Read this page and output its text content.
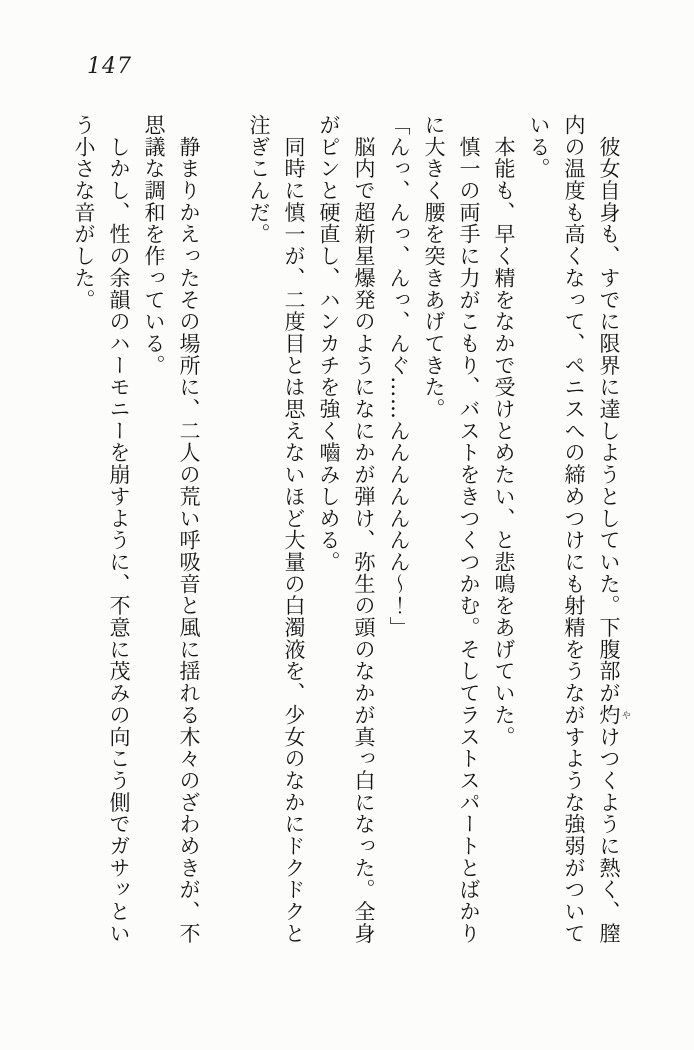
147
　彼女自身も、すでに限界に達しようとしていた。下腹部が灼 やけつくように熱く、膣
内の温度も高くなって、ペニスへの締めつけにも射精をうながすような強弱がついて
いる。
　本能も、早く精をなかで受けとめたい、と悲鳴をあげていた。
　慎一の両手に力がこもり、バストをきつくつかむ。そしてラストスパートとばかり
に大きく腰を突きあげてきた。
「んっ、んっ、んっ、んぐ……んんんんんんん〜！」
　脳内で超新星爆発のようになにかが弾け、弥生の頭のなかが真っ白になった。全身
がピンと硬直し、ハンカチを強く嚙みしめる。
　同時に慎一が、二度目とは思えないほど大量の白濁液を、少女のなかにドクドクと
注ぎこんだ。

　静まりかえったその場所に、二人の荒い呼吸音と風に揺れる木々のざわめきが、不
思議な調和を作っている。
　しかし、性の余韻のハーモニーを崩すように、不意に茂みの向こう側でガサッとい
う小さな音がした。
